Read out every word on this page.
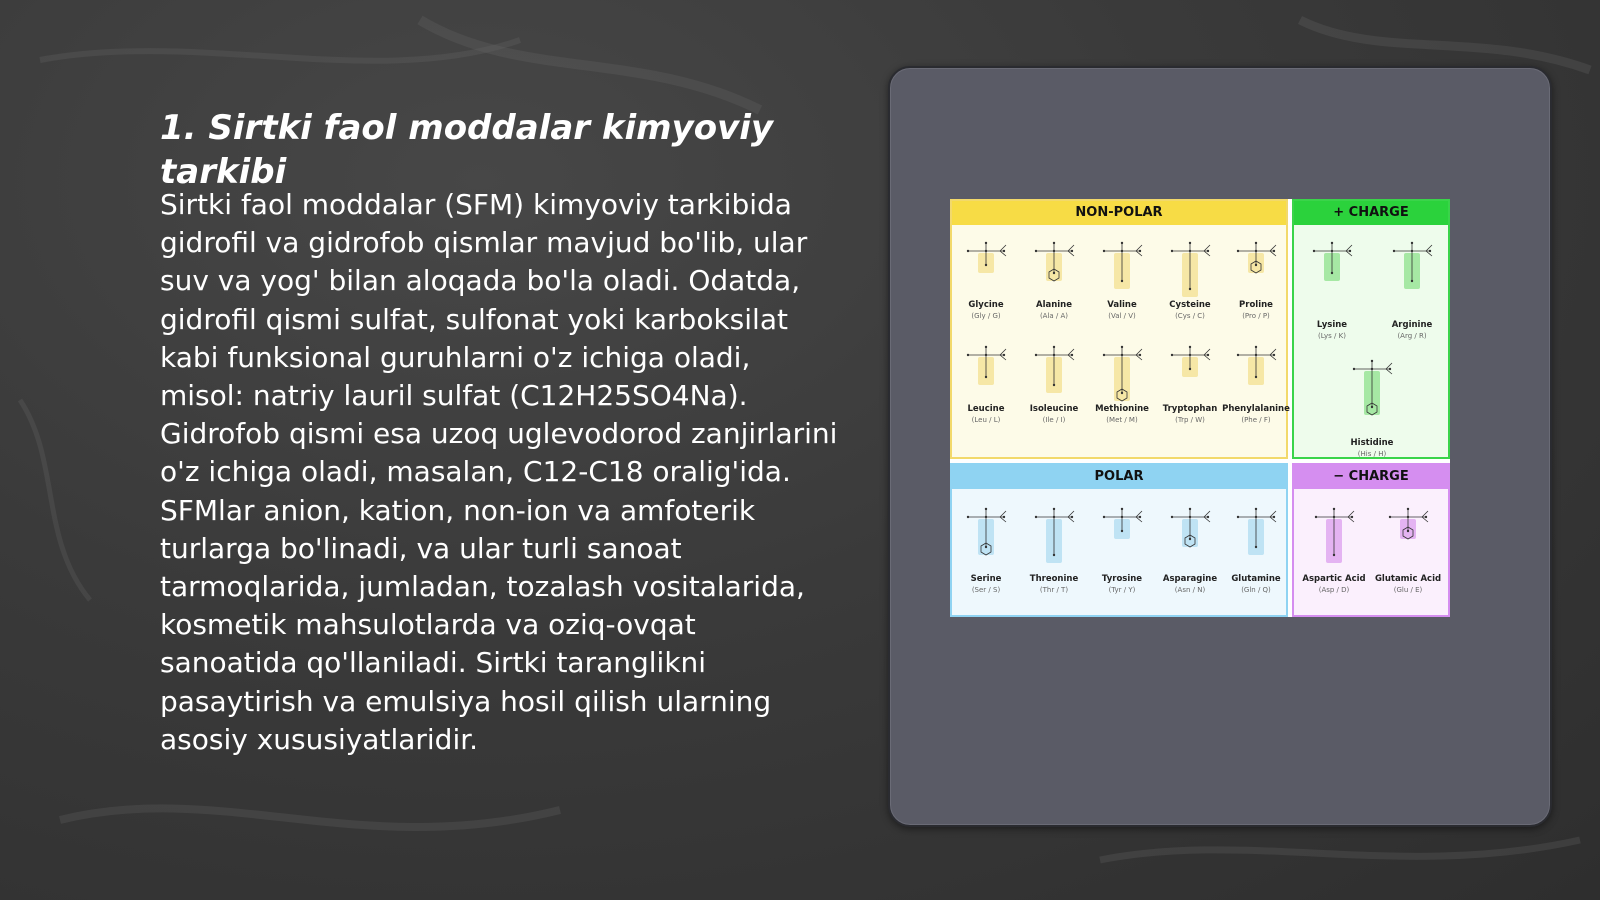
1. Sirtki faol moddalar kimyoviy tarkibi

Sirtki faol moddalar (SFM) kimyoviy tarkibida gidrofil va gidrofob qismlar mavjud bo'lib, ular suv va yog' bilan aloqada bo'la oladi. Odatda, gidrofil qismi sulfat, sulfonat yoki karboksilat kabi funksional guruhlarni o'z ichiga oladi, misol: natriy lauril sulfat (C12H25SO4Na). Gidrofob qismi esa uzoq uglevodorod zanjirlarini o'z ichiga oladi, masalan, C12-C18 oralig'ida. SFMlar anion, kation, non-ion va amfoterik turlarga bo'linadi, va ular turli sanoat tarmoqlarida, jumladan, tozalash vositalarida, kosmetik mahsulotlarda va oziq-ovqat sanoatida qo'llaniladi. Sirtki taranglikni pasaytirish va emulsiya hosil qilish ularning asosiy xususiyatlaridir.

NON-POLAR
Glycine
(Gly / G)
Alanine
(Ala / A)
Valine
(Val / V)
Cysteine
(Cys / C)
Proline
(Pro / P)
Leucine
(Leu / L)
Isoleucine
(Ile / I)
Methionine
(Met / M)
Tryptophan
(Trp / W)
Phenylalanine
(Phe / F)
+ CHARGE
Lysine
(Lys / K)
Arginine
(Arg / R)
Histidine
(His / H)
POLAR
Serine
(Ser / S)
Threonine
(Thr / T)
Tyrosine
(Tyr / Y)
Asparagine
(Asn / N)
Glutamine
(Gln / Q)
− CHARGE
Aspartic Acid
(Asp / D)
Glutamic Acid
(Glu / E)
